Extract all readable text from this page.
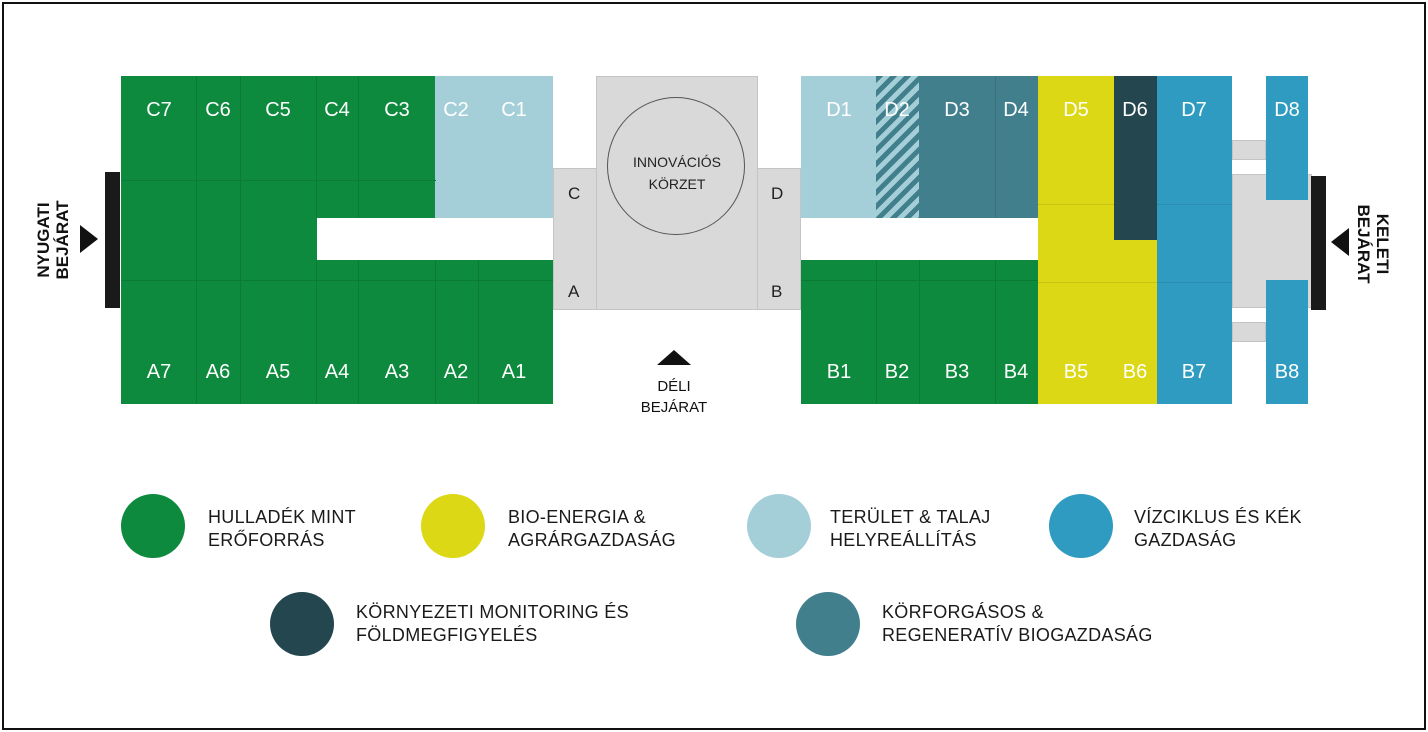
C7	C6	C5	C4	C3	C2	C1
A7	A6	A5	A4	A3	A2	A1
NYUGATI
BEJÁRAT
INNOVÁCIÓS
KÖRZET
C
A
D
B
DÉLI
BEJÁRAT
D1	D2	D3	D4	D5	D6	D7	D8
B1	B2	B3	B4	B5	B6	B7	B8
KELETI
BEJÁRAT
HULLADÉK MINT
ERŐFORRÁS
BIO-ENERGIA &
AGRÁRGAZDASÁG
TERÜLET & TALAJ
HELYREÁLLÍTÁS
VÍZCIKLUS ÉS KÉK
GAZDASÁG
KÖRNYEZETI MONITORING ÉS
FÖLDMEGFIGYELÉS
KÖRFORGÁSOS &
REGENERATÍV BIOGAZDASÁG
